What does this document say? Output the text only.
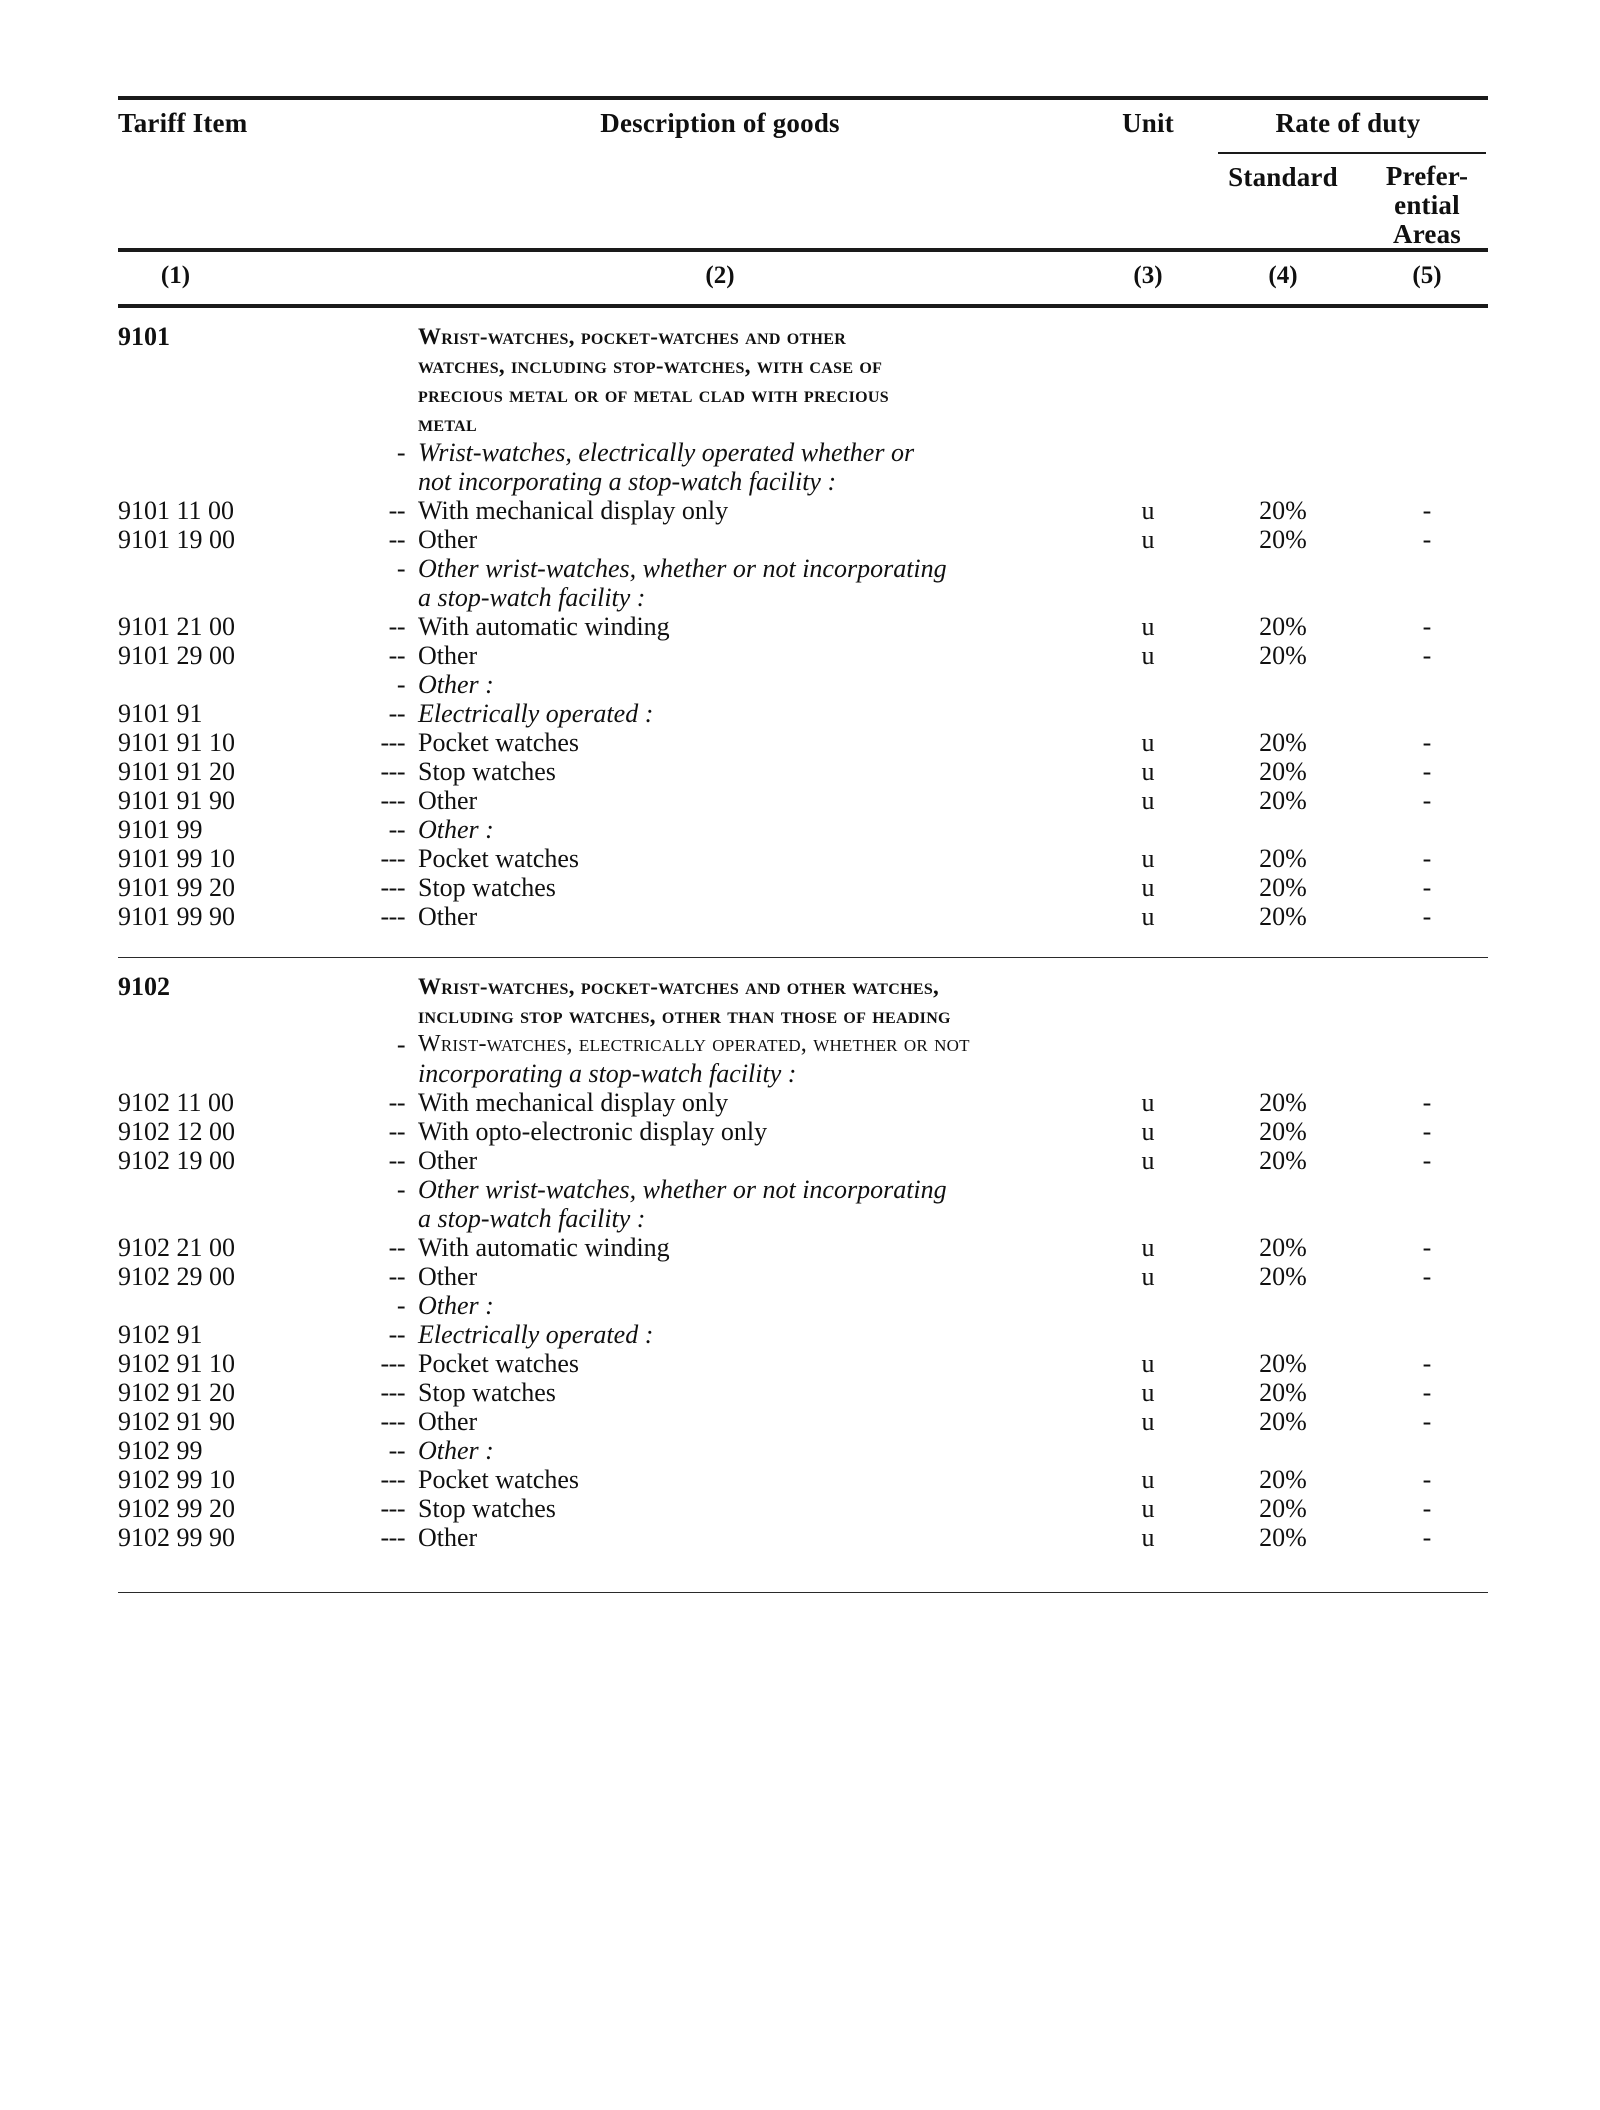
Tariff Item	Description of goods	Unit	Rate of duty
Standard	Prefer-
ential
Areas
(1)	(2)	(3)	(4)	(5)
9101	Wrist-watches, pocket-watches and other
watches, including stop-watches, with case of
precious metal or of metal clad with precious
metal
- Wrist-watches, electrically operated whether or
not incorporating a stop-watch facility :
9101 11 00	-- With mechanical display only	u	20%	-
9101 19 00	-- Other	u	20%	-
- Other wrist-watches, whether or not incorporating
a stop-watch facility :
9101 21 00	-- With automatic winding	u	20%	-
9101 29 00	-- Other	u	20%	-
- Other :
9101 91	-- Electrically operated :
9101 91 10	--- Pocket watches	u	20%	-
9101 91 20	--- Stop watches	u	20%	-
9101 91 90	--- Other	u	20%	-
9101 99	-- Other :
9101 99 10	--- Pocket watches	u	20%	-
9101 99 20	--- Stop watches	u	20%	-
9101 99 90	--- Other	u	20%	-
9102	Wrist-watches, pocket-watches and other watches,
including stop watches, other than those of heading
- Wrist-watches, electrically operated, whether or not
incorporating a stop-watch facility :
9102 11 00	-- With mechanical display only	u	20%	-
9102 12 00	-- With opto-electronic display only	u	20%	-
9102 19 00	-- Other	u	20%	-
- Other wrist-watches, whether or not incorporating
a stop-watch facility :
9102 21 00	-- With automatic winding	u	20%	-
9102 29 00	-- Other	u	20%	-
- Other :
9102 91	-- Electrically operated :
9102 91 10	--- Pocket watches	u	20%	-
9102 91 20	--- Stop watches	u	20%	-
9102 91 90	--- Other	u	20%	-
9102 99	-- Other :
9102 99 10	--- Pocket watches	u	20%	-
9102 99 20	--- Stop watches	u	20%	-
9102 99 90	--- Other	u	20%	-
